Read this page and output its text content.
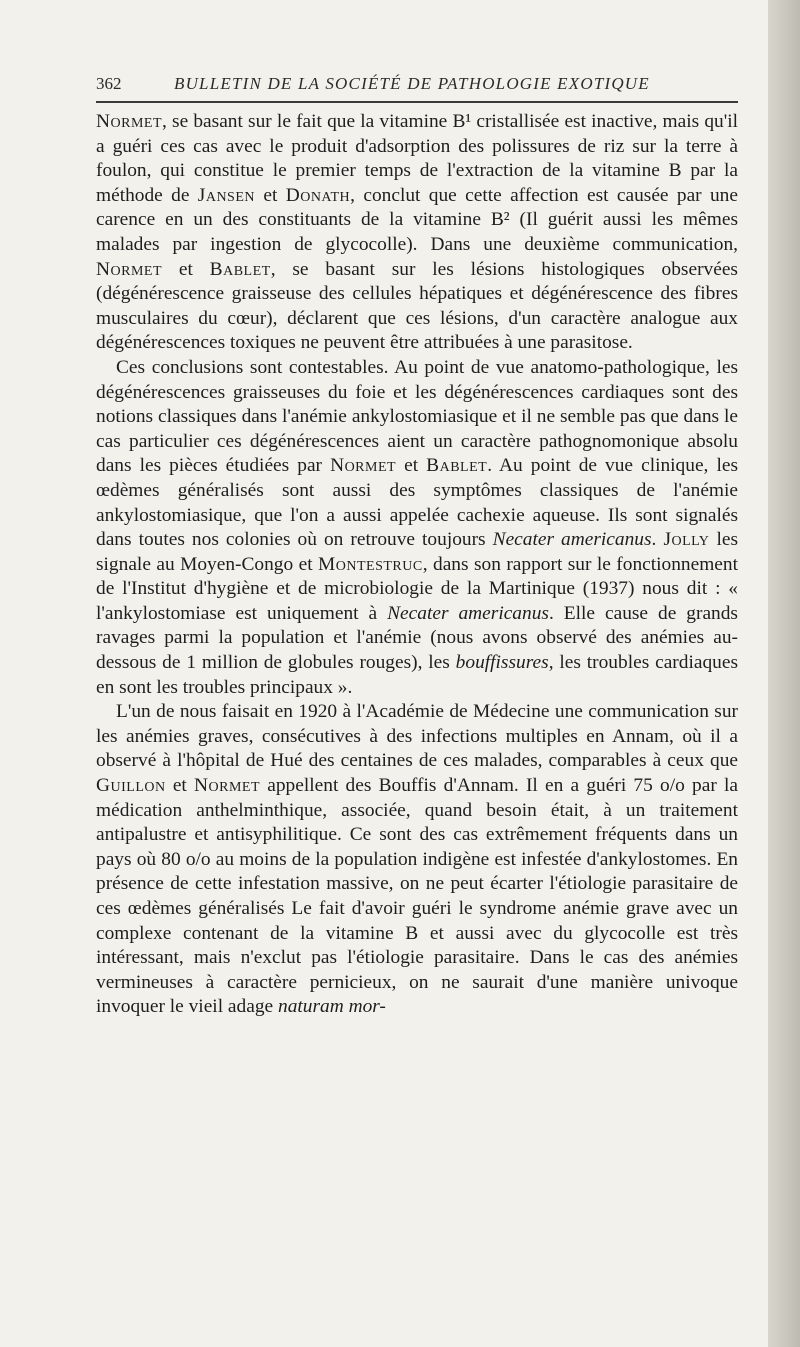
362	BULLETIN DE LA SOCIÉTÉ DE PATHOLOGIE EXOTIQUE

Normet, se basant sur le fait que la vitamine B¹ cristallisée est inactive, mais qu'il a guéri ces cas avec le produit d'adsorption des polissures de riz sur la terre à foulon, qui constitue le premier temps de l'extraction de la vitamine B par la méthode de Jansen et Donath, conclut que cette affection est causée par une carence en un des constituants de la vitamine B² (Il guérit aussi les mêmes malades par ingestion de glycocolle). Dans une deuxième communication, Normet et Bablet, se basant sur les lésions histologiques observées (dégénérescence graisseuse des cellules hépatiques et dégénérescence des fibres musculaires du cœur), déclarent que ces lésions, d'un caractère analogue aux dégénérescences toxiques ne peuvent être attribuées à une parasitose.

Ces conclusions sont contestables. Au point de vue anatomo-pathologique, les dégénérescences graisseuses du foie et les dégénérescences cardiaques sont des notions classiques dans l'anémie ankylostomiasique et il ne semble pas que dans le cas particulier ces dégénérescences aient un caractère pathognomonique absolu dans les pièces étudiées par Normet et Bablet. Au point de vue clinique, les œdèmes généralisés sont aussi des symptômes classiques de l'anémie ankylostomiasique, que l'on a aussi appelée cachexie aqueuse. Ils sont signalés dans toutes nos colonies où on retrouve toujours Necater americanus. Jolly les signale au Moyen-Congo et Montestruc, dans son rapport sur le fonctionnement de l'Institut d'hygiène et de microbiologie de la Martinique (1937) nous dit : « l'ankylostomiase est uniquement à Necater americanus. Elle cause de grands ravages parmi la population et l'anémie (nous avons observé des anémies au-dessous de 1 million de globules rouges), les bouffissures, les troubles cardiaques en sont les troubles principaux ».

L'un de nous faisait en 1920 à l'Académie de Médecine une communication sur les anémies graves, consécutives à des infections multiples en Annam, où il a observé à l'hôpital de Hué des centaines de ces malades, comparables à ceux que Guillon et Normet appellent des Bouffis d'Annam. Il en a guéri 75 o/o par la médication anthelminthique, associée, quand besoin était, à un traitement antipalustre et antisyphilitique. Ce sont des cas extrêmement fréquents dans un pays où 80 o/o au moins de la population indigène est infestée d'ankylostomes. En présence de cette infestation massive, on ne peut écarter l'étiologie parasitaire de ces œdèmes généralisés Le fait d'avoir guéri le syndrome anémie grave avec un complexe contenant de la vitamine B et aussi avec du glycocolle est très intéressant, mais n'exclut pas l'étiologie parasitaire. Dans le cas des anémies vermineuses à caractère pernicieux, on ne saurait d'une manière univoque invoquer le vieil adage naturam mor-
